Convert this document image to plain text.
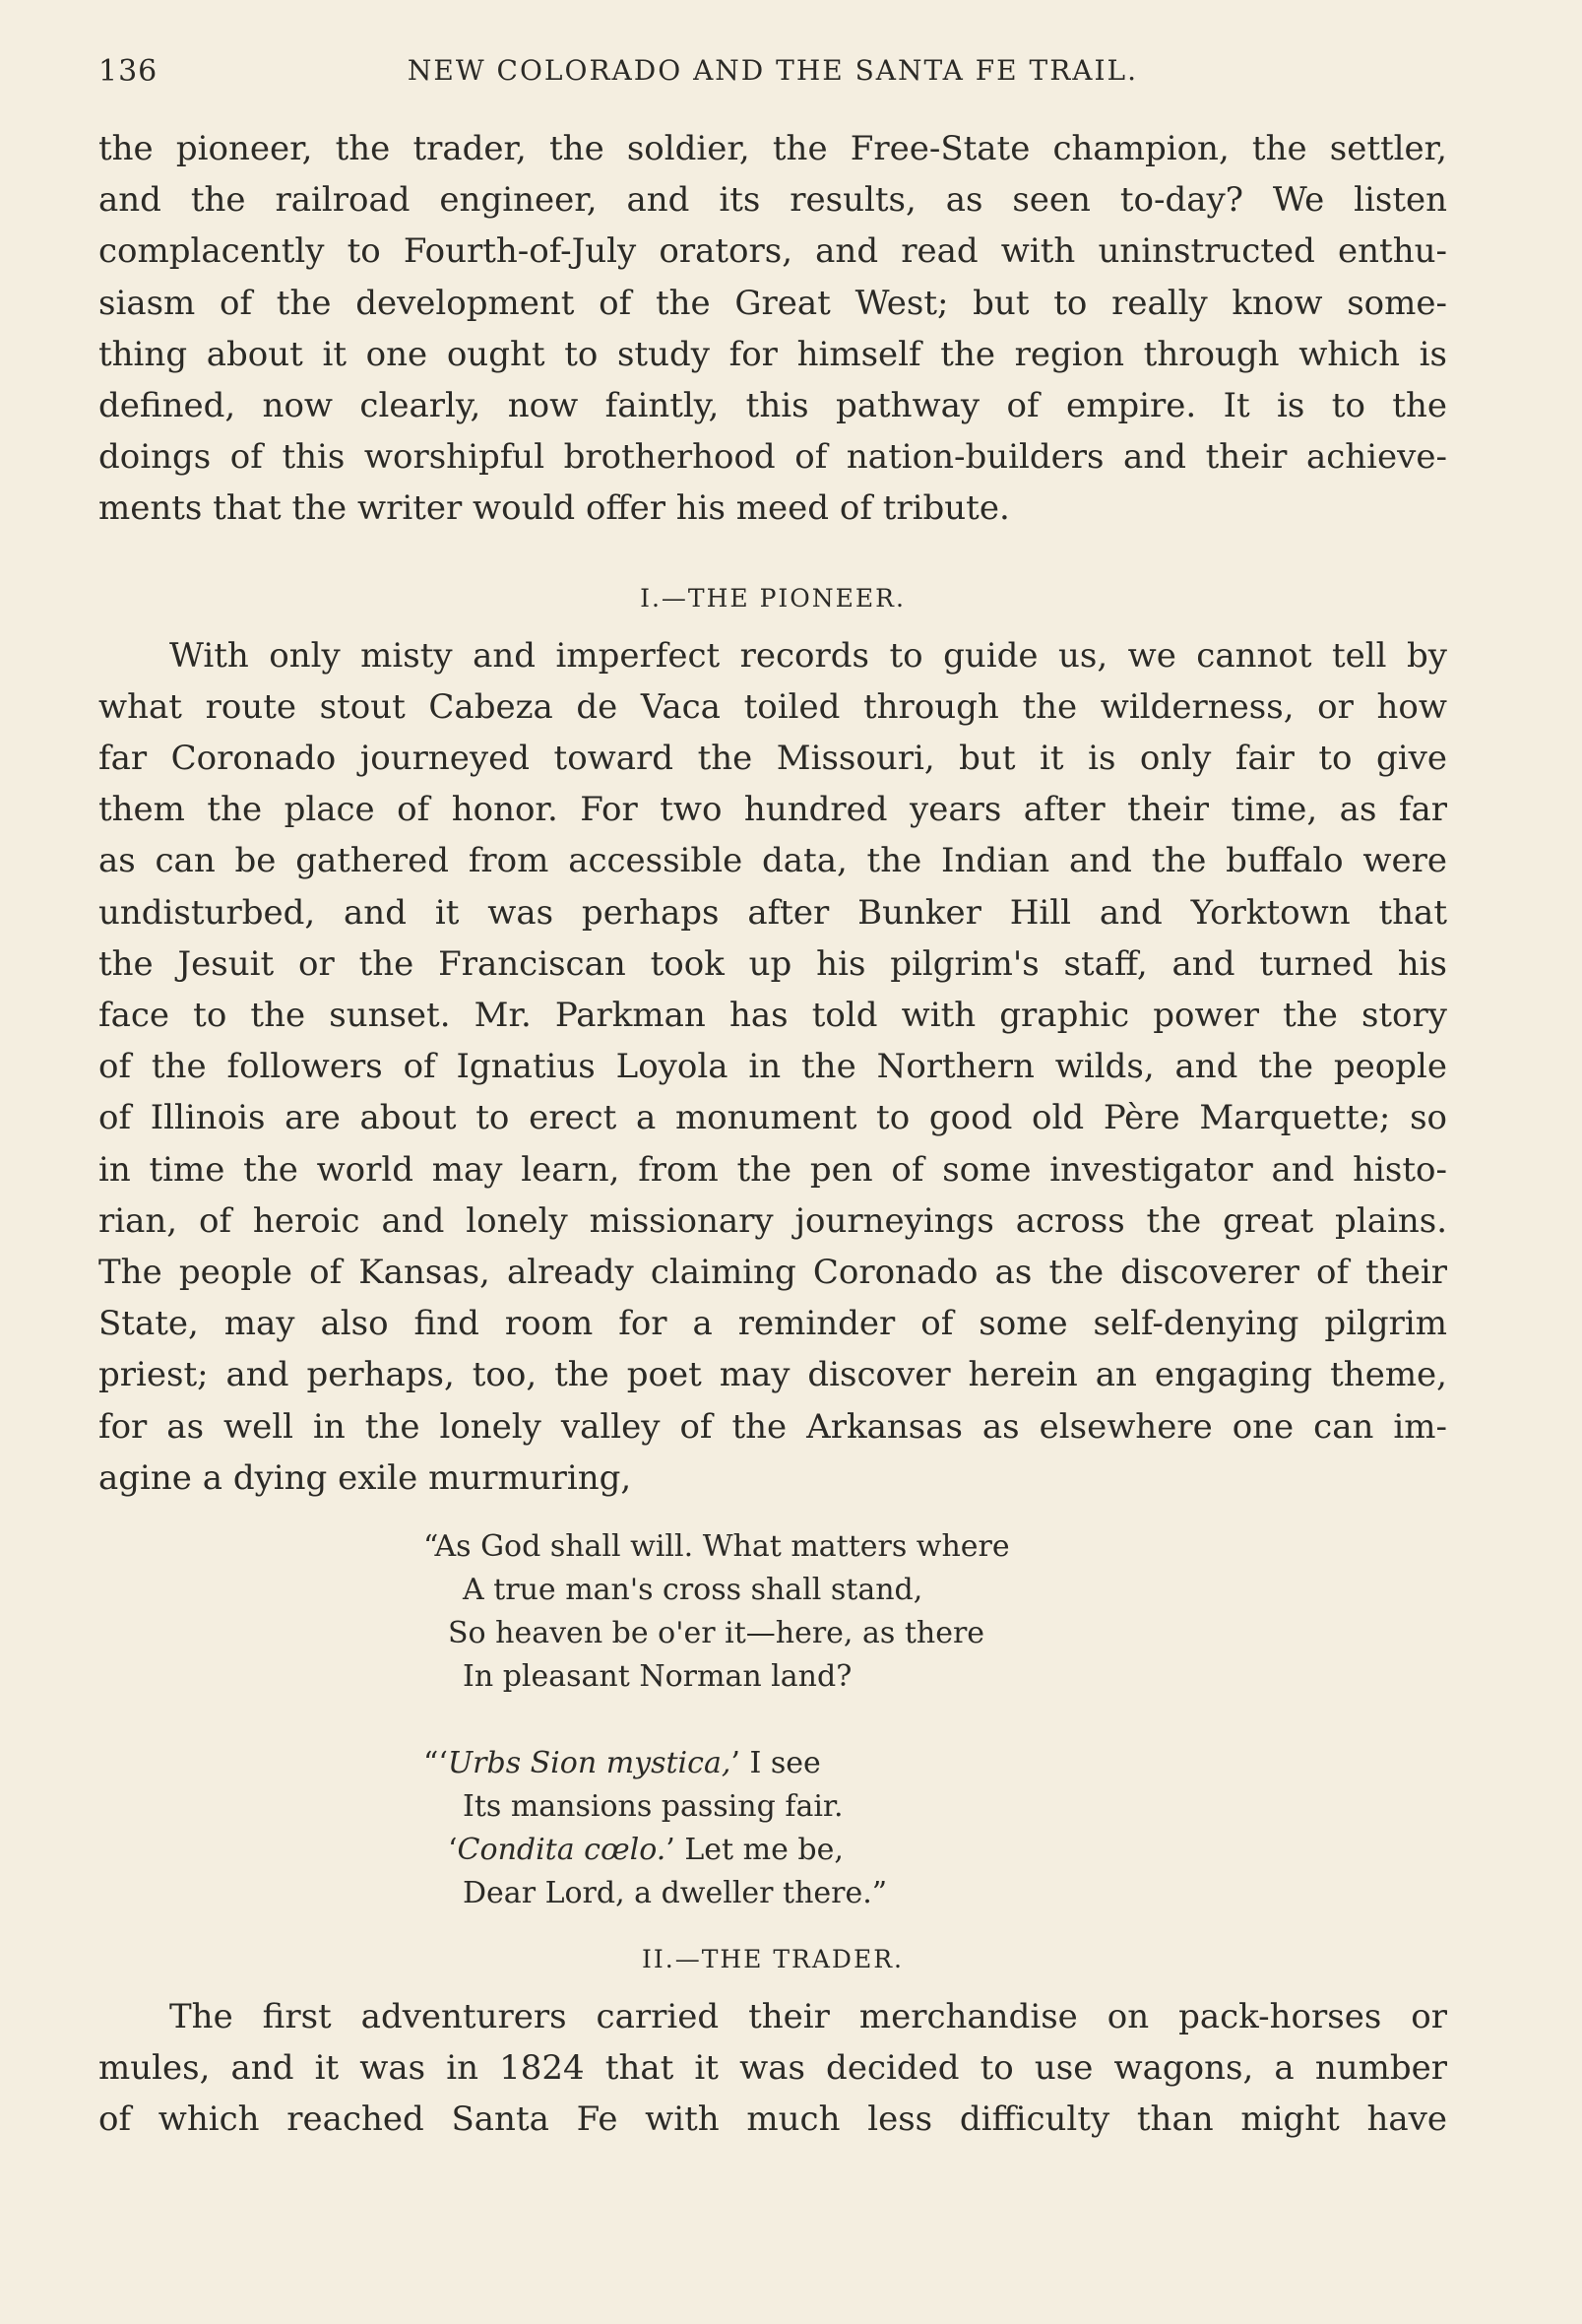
136	NEW COLORADO AND THE SANTA FE TRAIL.
the pioneer, the trader, the soldier, the Free-State champion, the settler,
and the railroad engineer, and its results, as seen to-day? We listen
complacently to Fourth-of-July orators, and read with uninstructed enthu-
siasm of the development of the Great West; but to really know some-
thing about it one ought to study for himself the region through which is
defined, now clearly, now faintly, this pathway of empire. It is to the
doings of this worshipful brotherhood of nation-builders and their achieve-
ments that the writer would offer his meed of tribute.
I.—THE PIONEER.
With only misty and imperfect records to guide us, we cannot tell by
what route stout Cabeza de Vaca toiled through the wilderness, or how
far Coronado journeyed toward the Missouri, but it is only fair to give
them the place of honor. For two hundred years after their time, as far
as can be gathered from accessible data, the Indian and the buffalo were
undisturbed, and it was perhaps after Bunker Hill and Yorktown that
the Jesuit or the Franciscan took up his pilgrim's staff, and turned his
face to the sunset. Mr. Parkman has told with graphic power the story
of the followers of Ignatius Loyola in the Northern wilds, and the people
of Illinois are about to erect a monument to good old Père Marquette; so
in time the world may learn, from the pen of some investigator and histo-
rian, of heroic and lonely missionary journeyings across the great plains.
The people of Kansas, already claiming Coronado as the discoverer of their
State, may also find room for a reminder of some self-denying pilgrim
priest; and perhaps, too, the poet may discover herein an engaging theme,
for as well in the lonely valley of the Arkansas as elsewhere one can im-
agine a dying exile murmuring,
“As God shall will. What matters where
A true man's cross shall stand,
So heaven be o'er it—here, as there
In pleasant Norman land?
“‘Urbs Sion mystica,’ I see
Its mansions passing fair.
‘Condita cœlo.’ Let me be,
Dear Lord, a dweller there.”
II.—THE TRADER.
The first adventurers carried their merchandise on pack-horses or
mules, and it was in 1824 that it was decided to use wagons, a number
of which reached Santa Fe with much less difficulty than might have
